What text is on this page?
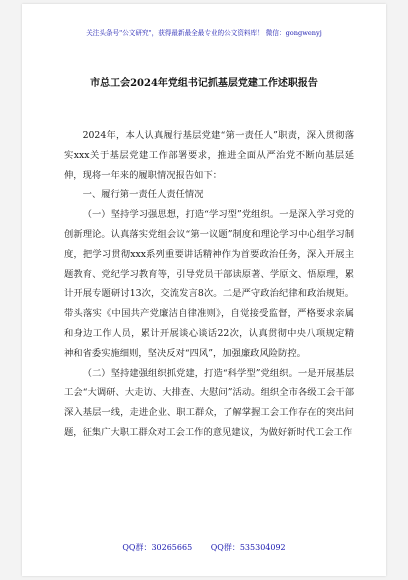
关注头条号"公文研究"，获得最新最全最专业的公文资料库！ 微信：gongwenyj
市总工会2024年党组书记抓基层党建工作述职报告

2024年，本人认真履行基层党建“第一责任人”职责，深入贯彻落实xxx关于基层党建工作部署要求，推进全面从严治党不断向基层延伸，现将一年来的履职情况报告如下：

一、履行第一责任人责任情况

（一）坚持学习强思想，打造“学习型”党组织。一是深入学习党的创新理论。认真落实党组会议“第一议题”制度和理论学习中心组学习制度，把学习贯彻xxx系列重要讲话精神作为首要政治任务，深入开展主题教育、党纪学习教育等，引导党员干部读原著、学原文、悟原理，累计开展专题研讨13次，交流发言8次。二是严守政治纪律和政治规矩。带头落实《中国共产党廉洁自律准则》，自觉接受监督，严格要求亲属和身边工作人员，累计开展谈心谈话22次，认真贯彻中央八项规定精神和省委实施细则，坚决反对“四风”，加强廉政风险防控。

（二）坚持建强组织抓党建，打造“科学型”党组织。一是开展基层工会“大调研、大走访、大排查、大慰问”活动。组织全市各级工会干部深入基层一线，走进企业、职工群众，了解掌握工会工作存在的突出问题，征集广大职工群众对工会工作的意见建议，为做好新时代工会工作

QQ群：30265665 QQ群：535304092
